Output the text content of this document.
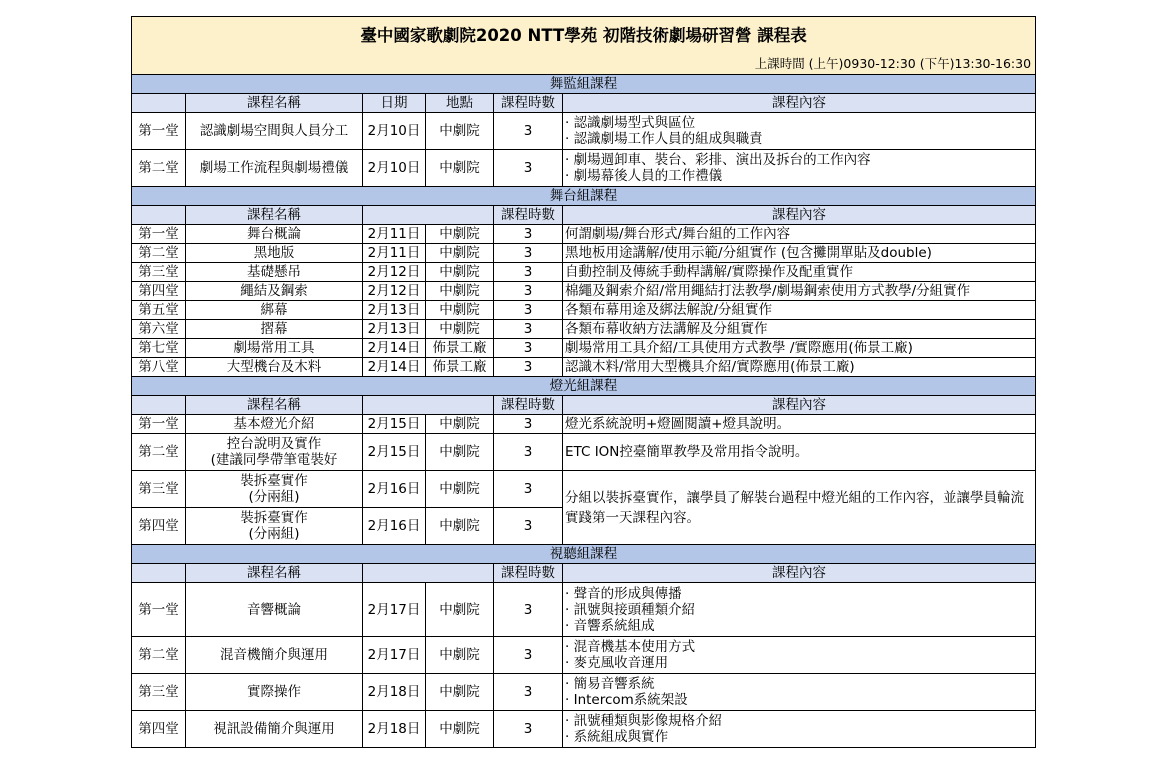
臺中國家歌劇院2020 NTT學苑 初階技術劇場研習營 課程表					
上課時間 (上午)0930-12:30 (下午)13:30-16:30					
舞監組課程					
	課程名稱	日期	地點	課程時數	課程內容
第一堂	認識劇場空間與人員分工	2月10日	中劇院	3	· 認識劇場型式與區位
· 認識劇場工作人員的組成與職責

第二堂	劇場工作流程與劇場禮儀	2月10日	中劇院	3	· 劇場週卸車、裝台、彩排、演出及拆台的工作內容
· 劇場幕後人員的工作禮儀

舞台組課程					
	課程名稱			課程時數	課程內容
第一堂	舞台概論	2月11日	中劇院	3	何謂劇場/舞台形式/舞台組的工作內容
第二堂	黑地版	2月11日	中劇院	3	黑地板用途講解/使用示範/分組實作 (包含攤開單貼及double)
第三堂	基礎懸吊	2月12日	中劇院	3	自動控制及傳統手動桿講解/實際操作及配重實作
第四堂	繩結及鋼索	2月12日	中劇院	3	棉繩及鋼索介紹/常用繩結打法教學/劇場鋼索使用方式教學/分組實作
第五堂	綁幕	2月13日	中劇院	3	各類布幕用途及綁法解說/分組實作
第六堂	摺幕	2月13日	中劇院	3	各類布幕收納方法講解及分組實作
第七堂	劇場常用工具	2月14日	佈景工廠	3	劇場常用工具介紹/工具使用方式教學 /實際應用(佈景工廠)
第八堂	大型機台及木料	2月14日	佈景工廠	3	認識木料/常用大型機具介紹/實際應用(佈景工廠)
燈光組課程					
	課程名稱			課程時數	課程內容
第一堂	基本燈光介紹	2月15日	中劇院	3	燈光系統說明+燈圖閱讀+燈具說明。
第二堂	控台說明及實作
(建議同學帶筆電裝好	2月15日	中劇院	3	ETC ION控臺簡單教學及常用指令說明。
第三堂	裝拆臺實作
(分兩組)	2月16日	中劇院	3	分組以裝拆臺實作，讓學員了解裝台過程中燈光組的工作內容，並讓學員輪流實踐第一天課程內容。
第四堂	裝拆臺實作
(分兩組)	2月16日	中劇院	3	
視聽組課程					
	課程名稱			課程時數	課程內容
第一堂	音響概論	2月17日	中劇院	3	· 聲音的形成與傳播
· 訊號與接頭種類介紹
· 音響系統組成

第二堂	混音機簡介與運用	2月17日	中劇院	3	· 混音機基本使用方式
· 麥克風收音運用

第三堂	實際操作	2月18日	中劇院	3	· 簡易音響系統
· Intercom系統架設

第四堂	視訊設備簡介與運用	2月18日	中劇院	3	· 訊號種類與影像規格介紹
· 系統組成與實作
